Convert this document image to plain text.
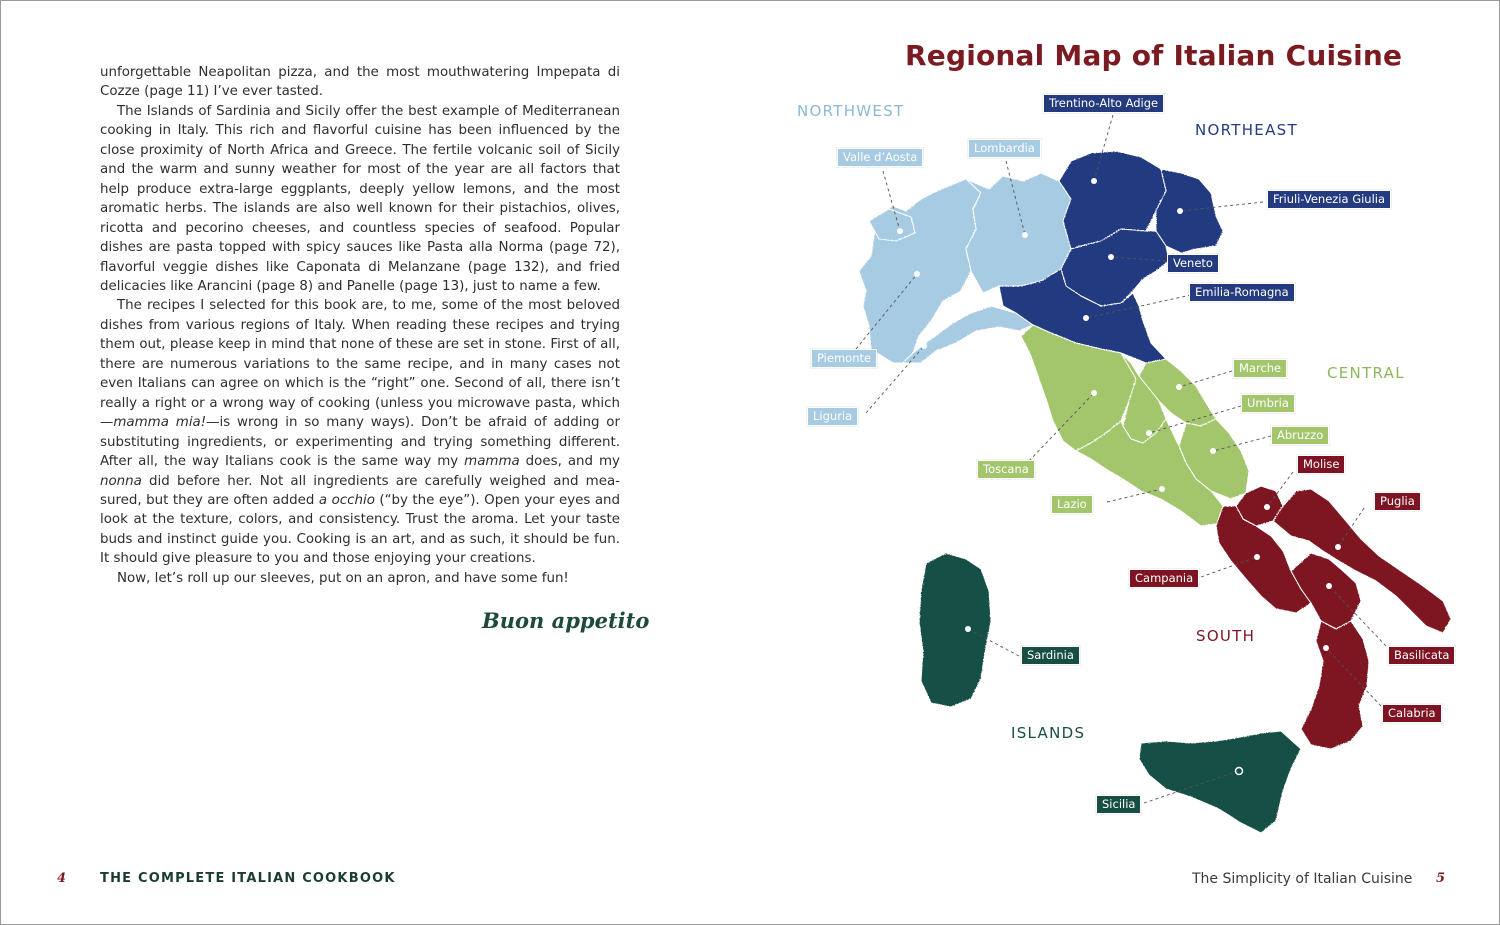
unforgettable Neapolitan pizza, and the most mouthwatering Impepata di Cozze (page 11) I’ve ever tasted.

The Islands of Sardinia and Sicily offer the best example of Mediterranean cooking in Italy. This rich and flavorful cuisine has been influenced by the close proximity of North Africa and Greece. The fertile volcanic soil of Sicily and the warm and sunny weather for most of the year are all factors that help produce extra-large eggplants, deeply yellow lemons, and the most aromatic herbs. The islands are also well known for their pistachios, olives, ricotta and pecorino cheeses, and countless species of seafood. Popular dishes are pasta topped with spicy sauces like Pasta alla Norma (page 72), flavorful veggie dishes like Caponata di Melanzane (page 132), and fried delicacies like Arancini (page 8) and Panelle (page 13), just to name a few.

The recipes I selected for this book are, to me, some of the most beloved dishes from various regions of Italy. When reading these recipes and trying them out, please keep in mind that none of these are set in stone. First of all, there are numerous variations to the same recipe, and in many cases not even Italians can agree on which is the “right” one. Second of all, there isn’t really a right or a wrong way of cooking (unless you microwave pasta, which—mamma mia!—is wrong in so many ways). Don’t be afraid of adding or substituting ingredients, or experimenting and trying something different. After all, the way Italians cook is the same way my mamma does, and my nonna did before her. Not all ingredients are carefully weighed and measured, but they are often added a occhio (“by the eye”). Open your eyes and look at the texture, colors, and consistency. Trust the aroma. Let your taste buds and instinct guide you. Cooking is an art, and as such, it should be fun. It should give pleasure to you and those enjoying your creations.

Now, let’s roll up our sleeves, put on an apron, and have some fun!

Buon appetito
4	THE COMPLETE ITALIAN COOKBOOK
Regional Map of Italian Cuisine
NORTHWEST
NORTHEAST
CENTRAL
SOUTH
ISLANDS
Valle d’Aosta
Lombardia
Piemonte
Liguria
Trentino-Alto Adige
Friuli-Venezia Giulia
Veneto
Emilia-Romagna
Marche
Umbria
Abruzzo
Toscana
Lazio
Molise
Puglia
Campania
Basilicata
Calabria
Sardinia
Sicilia
The Simplicity of Italian Cuisine 5
